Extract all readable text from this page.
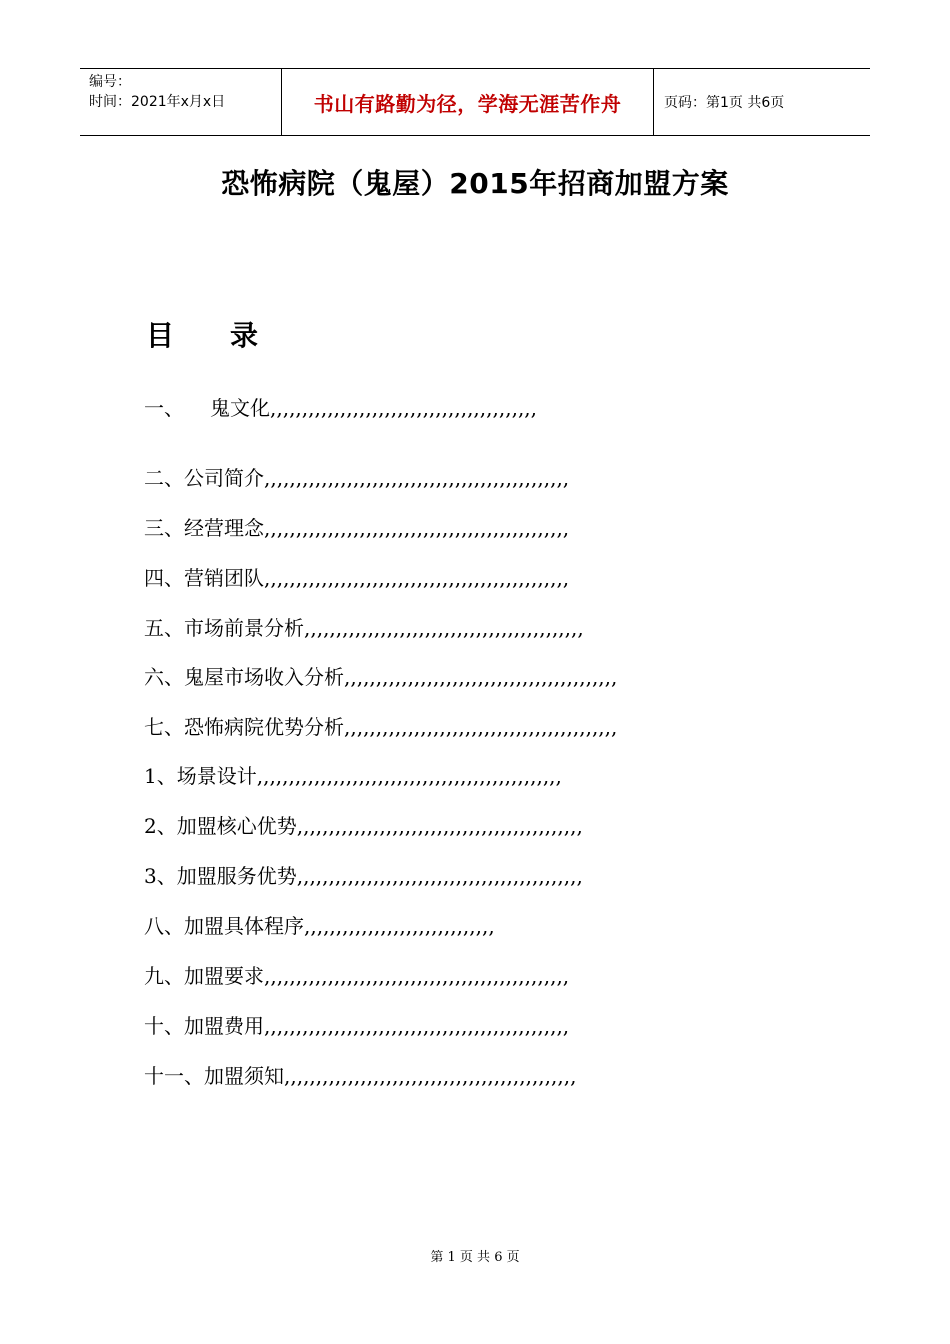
编号：
时间：2021年x月x日	书山有路勤为径，学海无涯苦作舟	页码：第1页 共6页
恐怖病院（鬼屋）2015年招商加盟方案
目 录
一、 鬼文化,,,,,,,,,,,,,,,,,,,,,,,,,,,,,,,,,,,,,,,,,,
二、公司简介,,,,,,,,,,,,,,,,,,,,,,,,,,,,,,,,,,,,,,,,,,,,,,,,
三、经营理念,,,,,,,,,,,,,,,,,,,,,,,,,,,,,,,,,,,,,,,,,,,,,,,,
四、营销团队,,,,,,,,,,,,,,,,,,,,,,,,,,,,,,,,,,,,,,,,,,,,,,,,
五、市场前景分析,,,,,,,,,,,,,,,,,,,,,,,,,,,,,,,,,,,,,,,,,,,,
六、鬼屋市场收入分析,,,,,,,,,,,,,,,,,,,,,,,,,,,,,,,,,,,,,,,,,,,
七、恐怖病院优势分析,,,,,,,,,,,,,,,,,,,,,,,,,,,,,,,,,,,,,,,,,,,
1、场景设计,,,,,,,,,,,,,,,,,,,,,,,,,,,,,,,,,,,,,,,,,,,,,,,,
2、加盟核心优势,,,,,,,,,,,,,,,,,,,,,,,,,,,,,,,,,,,,,,,,,,,,,
3、加盟服务优势,,,,,,,,,,,,,,,,,,,,,,,,,,,,,,,,,,,,,,,,,,,,,
八、加盟具体程序,,,,,,,,,,,,,,,,,,,,,,,,,,,,,,
九、加盟要求,,,,,,,,,,,,,,,,,,,,,,,,,,,,,,,,,,,,,,,,,,,,,,,,
十、加盟费用,,,,,,,,,,,,,,,,,,,,,,,,,,,,,,,,,,,,,,,,,,,,,,,,
十一、加盟须知,,,,,,,,,,,,,,,,,,,,,,,,,,,,,,,,,,,,,,,,,,,,,,
第 1 页 共 6 页
